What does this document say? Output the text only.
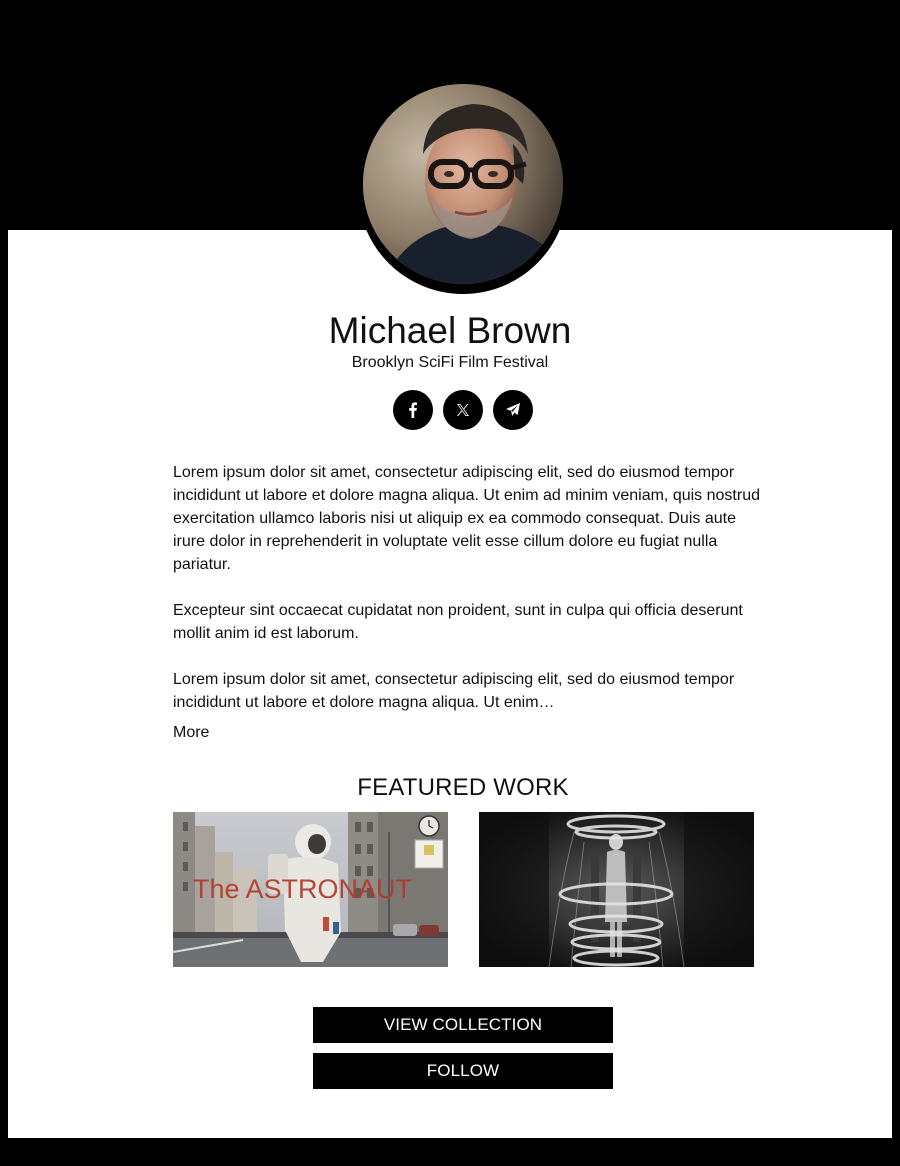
Michael Brown
Brooklyn SciFi Film Festival

Lorem ipsum dolor sit amet, consectetur adipiscing elit, sed do eiusmod tempor incididunt ut labore et dolore magna aliqua. Ut enim ad minim veniam, quis nostrud exercitation ullamco laboris nisi ut aliquip ex ea commodo consequat. Duis aute irure dolor in reprehenderit in voluptate velit esse cillum dolore eu fugiat nulla pariatur.

Excepteur sint occaecat cupidatat non proident, sunt in culpa qui officia deserunt mollit anim id est laborum.

Lorem ipsum dolor sit amet, consectetur adipiscing elit, sed do eiusmod tempor incididunt ut labore et dolore magna aliqua. Ut enim…

More
FEATURED WORK
The ASTRONAUT
VIEW COLLECTION
FOLLOW
